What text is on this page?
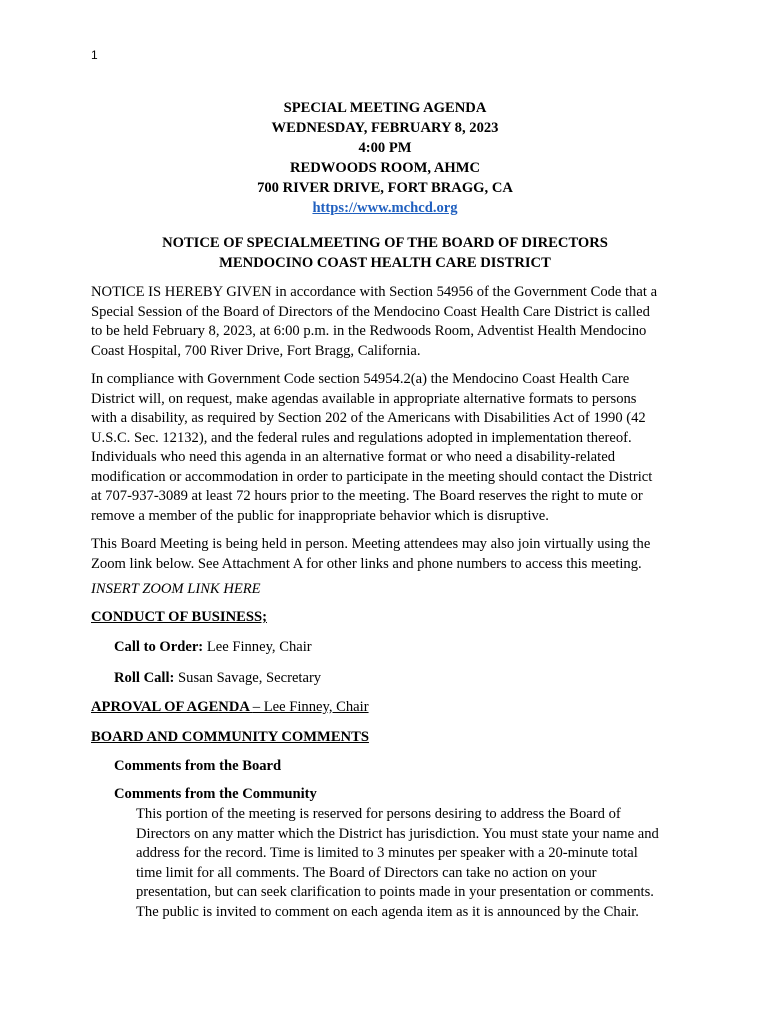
1
SPECIAL MEETING AGENDA
WEDNESDAY, FEBRUARY 8, 2023
4:00 PM
REDWOODS ROOM, AHMC
700 RIVER DRIVE, FORT BRAGG, CA
https://www.mchcd.org
NOTICE OF SPECIALMEETING OF THE BOARD OF DIRECTORS
MENDOCINO COAST HEALTH CARE DISTRICT

NOTICE IS HEREBY GIVEN in accordance with Section 54956 of the Government Code that a
Special Session of the Board of Directors of the Mendocino Coast Health Care District is called
to be held February 8, 2023, at 6:00 p.m. in the Redwoods Room, Adventist Health Mendocino
Coast Hospital, 700 River Drive, Fort Bragg, California.

In compliance with Government Code section 54954.2(a) the Mendocino Coast Health Care
District will, on request, make agendas available in appropriate alternative formats to persons
with a disability, as required by Section 202 of the Americans with Disabilities Act of 1990 (42
U.S.C. Sec. 12132), and the federal rules and regulations adopted in implementation thereof.
Individuals who need this agenda in an alternative format or who need a disability-related
modification or accommodation in order to participate in the meeting should contact the District
at 707-937-3089 at least 72 hours prior to the meeting. The Board reserves the right to mute or
remove a member of the public for inappropriate behavior which is disruptive.

This Board Meeting is being held in person. Meeting attendees may also join virtually using the
Zoom link below. See Attachment A for other links and phone numbers to access this meeting.

INSERT ZOOM LINK HERE

CONDUCT OF BUSINESS;
Call to Order: Lee Finney, Chair
Roll Call: Susan Savage, Secretary
APROVAL OF AGENDA – Lee Finney, Chair
BOARD AND COMMUNITY COMMENTS
Comments from the Board
Comments from the Community

This portion of the meeting is reserved for persons desiring to address the Board of
Directors on any matter which the District has jurisdiction. You must state your name and
address for the record. Time is limited to 3 minutes per speaker with a 20-minute total
time limit for all comments. The Board of Directors can take no action on your
presentation, but can seek clarification to points made in your presentation or comments.
The public is invited to comment on each agenda item as it is announced by the Chair.
